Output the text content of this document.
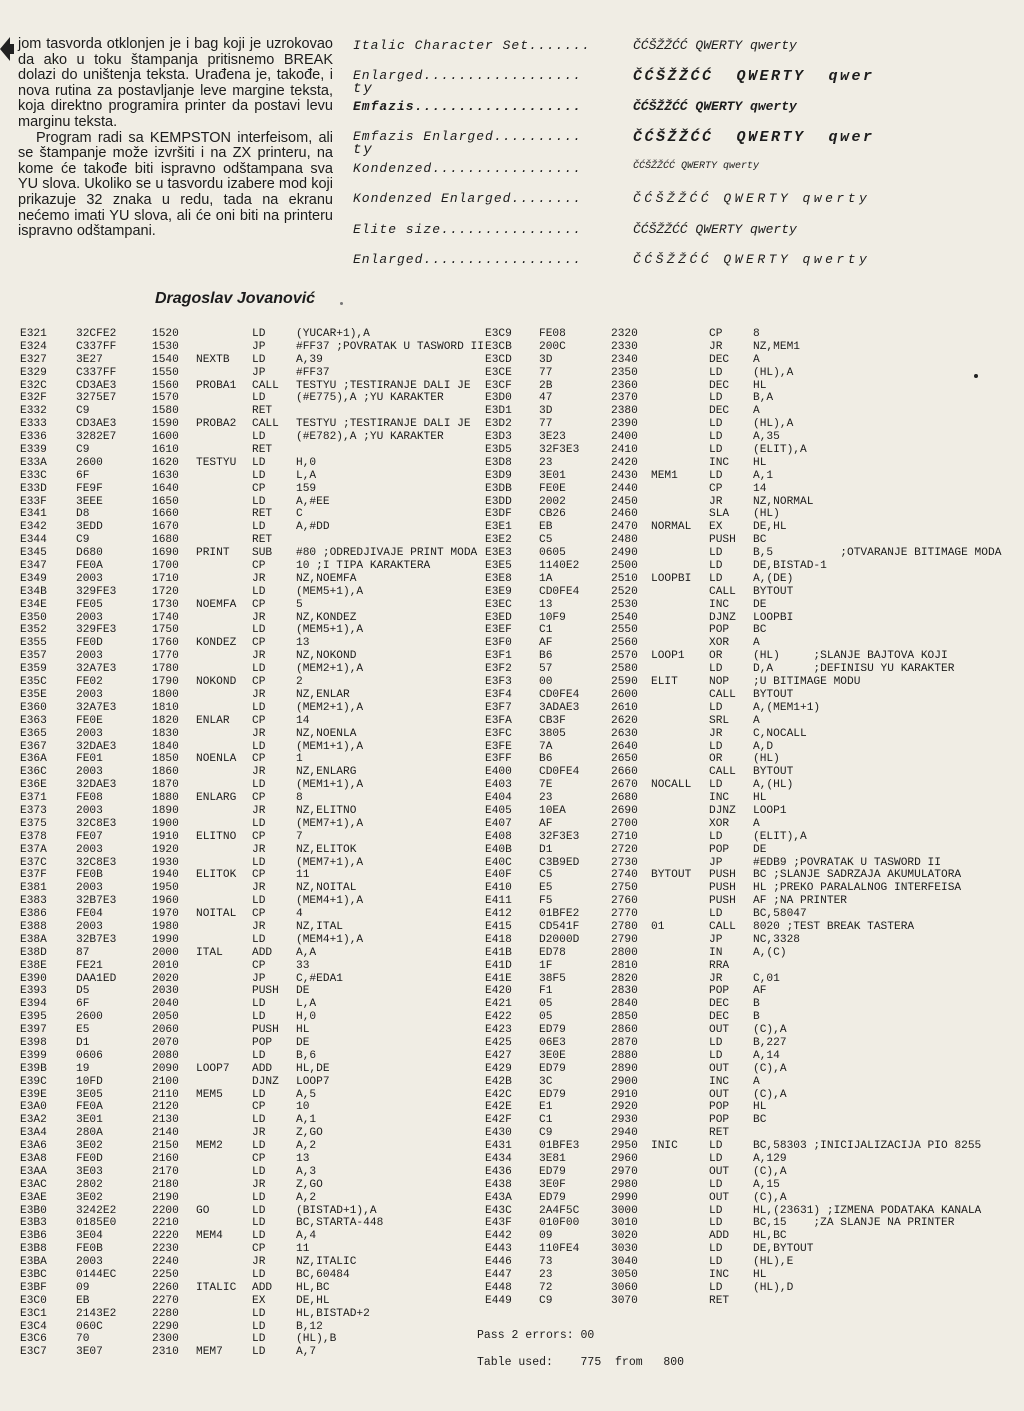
jom tasvorda otklonjen je i bag koji je uzrokovao da ako u toku štampanja pritisnemo BREAK dolazi do uništenja teksta. Urađena je, takođe, i nova rutina za postavljanje leve margine teksta, koja direktno programira printer da postavi levu marginu teksta.

Program radi sa KEMPSTON interfeisom, ali se štampanje može izvršiti i na ZX printeru, na kome će takođe biti ispravno odštampana sva YU slova. Ukoliko se u tasvordu izabere mod koji prikazuje 32 znaka u redu, tada na ekranu nećemo imati YU slova, ali će oni biti na printeru ispravno odštampani.

Dragoslav Jovanović
Italic Character Set.......	ČĆŠŽŽĆĆ QWERTY qwerty
Enlarged..................	ČĆŠŽŽĆĆ  QWERTY  qwer
ty
Emfazis...................	ČĆŠŽŽĆĆ QWERTY qwerty
Emfazis Enlarged..........	ČĆŠŽŽĆĆ  QWERTY  qwer
ty
Kondenzed.................	ČĆŠŽŽĆĆ QWERTY qwerty
Kondenzed Enlarged........	ČĆŠŽŽĆĆ QWERTY qwerty
Elite size................	ČĆŠŽŽĆĆ QWERTY qwerty
Enlarged..................	ČĆŠŽŽĆĆ QWERTY qwerty
E321	32CFE2	1520		LD	(YUCAR+1),A
E324	C337FF	1530		JP	#FF37 ;POVRATAK U TASWORD II
E327	3E27	1540	NEXTB	LD	A,39
E329	C337FF	1550		JP	#FF37
E32C	CD3AE3	1560	PROBA1	CALL	TESTYU ;TESTIRANJE DALI JE
E32F	3275E7	1570		LD	(#E775),A ;YU KARAKTER
E332	C9	1580		RET	
E333	CD3AE3	1590	PROBA2	CALL	TESTYU ;TESTIRANJE DALI JE
E336	3282E7	1600		LD	(#E782),A ;YU KARAKTER
E339	C9	1610		RET	
E33A	2600	1620	TESTYU	LD	H,0
E33C	6F	1630		LD	L,A
E33D	FE9F	1640		CP	159
E33F	3EEE	1650		LD	A,#EE
E341	D8	1660		RET	C
E342	3EDD	1670		LD	A,#DD
E344	C9	1680		RET	
E345	D680	1690	PRINT	SUB	#80 ;ODREDJIVAJE PRINT MODA
E347	FE0A	1700		CP	10 ;I TIPA KARAKTERA
E349	2003	1710		JR	NZ,NOEMFA
E34B	329FE3	1720		LD	(MEM5+1),A
E34E	FE05	1730	NOEMFA	CP	5
E350	2003	1740		JR	NZ,KONDEZ
E352	329FE3	1750		LD	(MEM5+1),A
E355	FE0D	1760	KONDEZ	CP	13
E357	2003	1770		JR	NZ,NOKOND
E359	32A7E3	1780		LD	(MEM2+1),A
E35C	FE02	1790	NOKOND	CP	2
E35E	2003	1800		JR	NZ,ENLAR
E360	32A7E3	1810		LD	(MEM2+1),A
E363	FE0E	1820	ENLAR	CP	14
E365	2003	1830		JR	NZ,NOENLA
E367	32DAE3	1840		LD	(MEM1+1),A
E36A	FE01	1850	NOENLA	CP	1
E36C	2003	1860		JR	NZ,ENLARG
E36E	32DAE3	1870		LD	(MEM1+1),A
E371	FE08	1880	ENLARG	CP	8
E373	2003	1890		JR	NZ,ELITNO
E375	32C8E3	1900		LD	(MEM7+1),A
E378	FE07	1910	ELITNO	CP	7
E37A	2003	1920		JR	NZ,ELITOK
E37C	32C8E3	1930		LD	(MEM7+1),A
E37F	FE0B	1940	ELITOK	CP	11
E381	2003	1950		JR	NZ,NOITAL
E383	32B7E3	1960		LD	(MEM4+1),A
E386	FE04	1970	NOITAL	CP	4
E388	2003	1980		JR	NZ,ITAL
E38A	32B7E3	1990		LD	(MEM4+1),A
E38D	87	2000	ITAL	ADD	A,A
E38E	FE21	2010		CP	33
E390	DAA1ED	2020		JP	C,#EDA1
E393	D5	2030		PUSH	DE
E394	6F	2040		LD	L,A
E395	2600	2050		LD	H,0
E397	E5	2060		PUSH	HL
E398	D1	2070		POP	DE
E399	0606	2080		LD	B,6
E39B	19	2090	LOOP7	ADD	HL,DE
E39C	10FD	2100		DJNZ	LOOP7
E39E	3E05	2110	MEM5	LD	A,5
E3A0	FE0A	2120		CP	10
E3A2	3E01	2130		LD	A,1
E3A4	280A	2140		JR	Z,GO
E3A6	3E02	2150	MEM2	LD	A,2
E3A8	FE0D	2160		CP	13
E3AA	3E03	2170		LD	A,3
E3AC	2802	2180		JR	Z,GO
E3AE	3E02	2190		LD	A,2
E3B0	3242E2	2200	GO	LD	(BISTAD+1),A
E3B3	0185E0	2210		LD	BC,STARTA-448
E3B6	3E04	2220	MEM4	LD	A,4
E3B8	FE0B	2230		CP	11
E3BA	2003	2240		JR	NZ,ITALIC
E3BC	0144EC	2250		LD	BC,60484
E3BF	09	2260	ITALIC	ADD	HL,BC
E3C0	EB	2270		EX	DE,HL
E3C1	2143E2	2280		LD	HL,BISTAD+2
E3C4	060C	2290		LD	B,12
E3C6	70	2300		LD	(HL),B
E3C7	3E07	2310	MEM7	LD	A,7
E3C9	FE08	2320		CP	8
E3CB	200C	2330		JR	NZ,MEM1
E3CD	3D	2340		DEC	A
E3CE	77	2350		LD	(HL),A
E3CF	2B	2360		DEC	HL
E3D0	47	2370		LD	B,A
E3D1	3D	2380		DEC	A
E3D2	77	2390		LD	(HL),A
E3D3	3E23	2400		LD	A,35
E3D5	32F3E3	2410		LD	(ELIT),A
E3D8	23	2420		INC	HL
E3D9	3E01	2430	MEM1	LD	A,1
E3DB	FE0E	2440		CP	14
E3DD	2002	2450		JR	NZ,NORMAL
E3DF	CB26	2460		SLA	(HL)
E3E1	EB	2470	NORMAL	EX	DE,HL
E3E2	C5	2480		PUSH	BC
E3E3	0605	2490		LD	B,5          ;OTVARANJE BITIMAGE MODA
E3E5	1140E2	2500		LD	DE,BISTAD-1
E3E8	1A	2510	LOOPBI	LD	A,(DE)
E3E9	CD0FE4	2520		CALL	BYTOUT
E3EC	13	2530		INC	DE
E3ED	10F9	2540		DJNZ	LOOPBI
E3EF	C1	2550		POP	BC
E3F0	AF	2560		XOR	A
E3F1	B6	2570	LOOP1	OR	(HL)     ;SLANJE BAJTOVA KOJI
E3F2	57	2580		LD	D,A      ;DEFINISU YU KARAKTER
E3F3	00	2590	ELIT	NOP	;U BITIMAGE MODU
E3F4	CD0FE4	2600		CALL	BYTOUT
E3F7	3ADAE3	2610		LD	A,(MEM1+1)
E3FA	CB3F	2620		SRL	A
E3FC	3805	2630		JR	C,NOCALL
E3FE	7A	2640		LD	A,D
E3FF	B6	2650		OR	(HL)
E400	CD0FE4	2660		CALL	BYTOUT
E403	7E	2670	NOCALL	LD	A,(HL)
E404	23	2680		INC	HL
E405	10EA	2690		DJNZ	LOOP1
E407	AF	2700		XOR	A
E408	32F3E3	2710		LD	(ELIT),A
E40B	D1	2720		POP	DE
E40C	C3B9ED	2730		JP	#EDB9 ;POVRATAK U TASWORD II
E40F	C5	2740	BYTOUT	PUSH	BC ;SLANJE SADRZAJA AKUMULATORA
E410	E5	2750		PUSH	HL ;PREKO PARALALNOG INTERFEISA
E411	F5	2760		PUSH	AF ;NA PRINTER
E412	01BFE2	2770		LD	BC,58047
E415	CD541F	2780	01	CALL	8020 ;TEST BREAK TASTERA
E418	D2000D	2790		JP	NC,3328
E41B	ED78	2800		IN	A,(C)
E41D	1F	2810		RRA	
E41E	38F5	2820		JR	C,01
E420	F1	2830		POP	AF
E421	05	2840		DEC	B
E422	05	2850		DEC	B
E423	ED79	2860		OUT	(C),A
E425	06E3	2870		LD	B,227
E427	3E0E	2880		LD	A,14
E429	ED79	2890		OUT	(C),A
E42B	3C	2900		INC	A
E42C	ED79	2910		OUT	(C),A
E42E	E1	2920		POP	HL
E42F	C1	2930		POP	BC
E430	C9	2940		RET	
E431	01BFE3	2950	INIC	LD	BC,58303 ;INICIJALIZACIJA PIO 8255
E434	3E81	2960		LD	A,129
E436	ED79	2970		OUT	(C),A
E438	3E0F	2980		LD	A,15
E43A	ED79	2990		OUT	(C),A
E43C	2A4F5C	3000		LD	HL,(23631) ;IZMENA PODATAKA KANALA
E43F	010F00	3010		LD	BC,15    ;ZA SLANJE NA PRINTER
E442	09	3020		ADD	HL,BC
E443	110FE4	3030		LD	DE,BYTOUT
E446	73	3040		LD	(HL),E
E447	23	3050		INC	HL
E448	72	3060		LD	(HL),D
E449	C9	3070		RET	
Pass 2 errors: 00
Table used:    775  from   800
